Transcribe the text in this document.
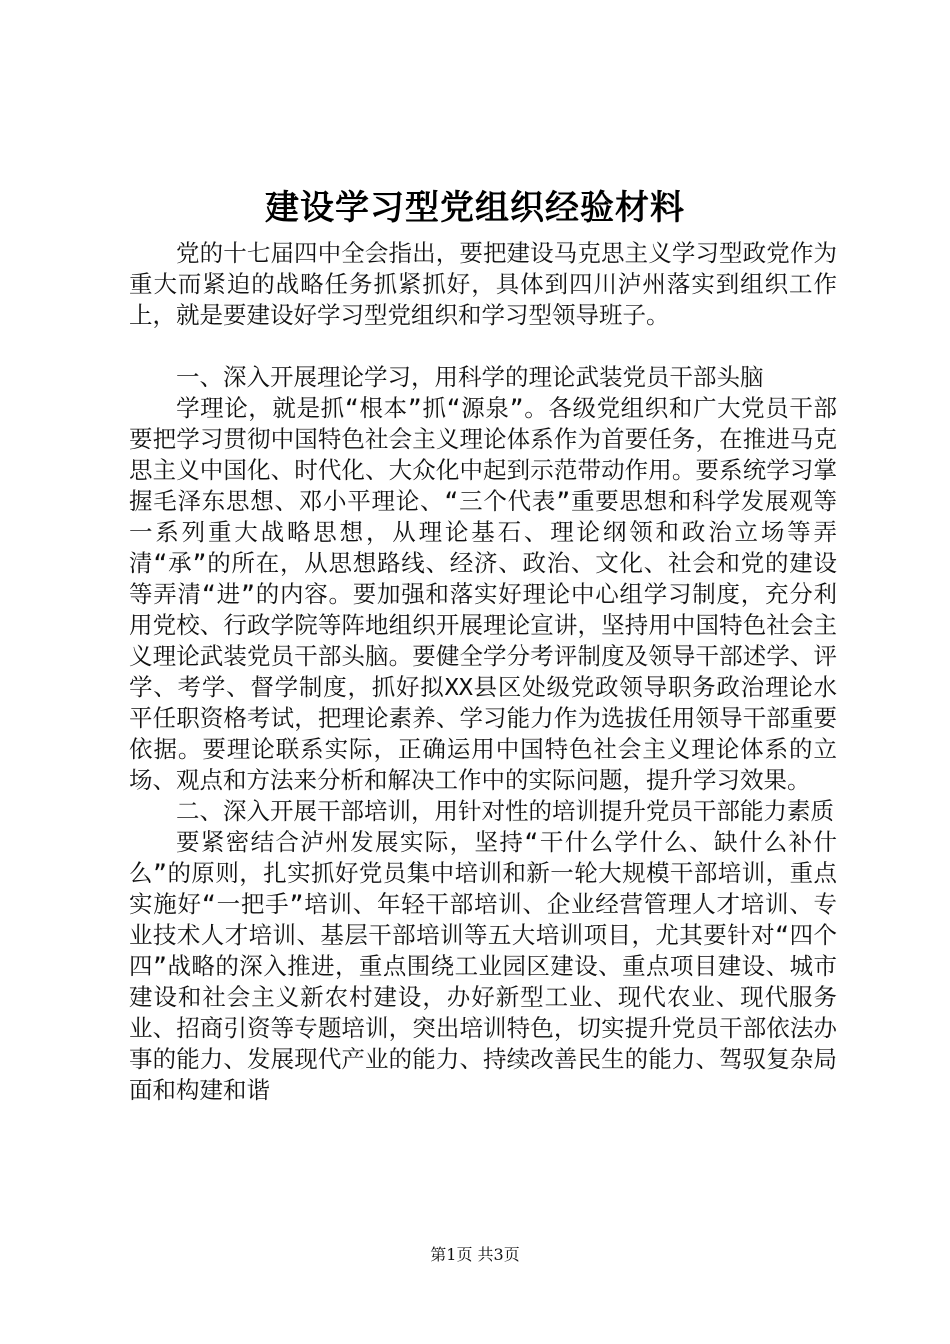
建设学习型党组织经验材料

党的十七届四中全会指出，要把建设马克思主义学习型政党作为重大而紧迫的战略任务抓紧抓好，具体到四川泸州落实到组织工作上，就是要建设好学习型党组织和学习型领导班子。

一、深入开展理论学习，用科学的理论武装党员干部头脑

学理论，就是抓“根本”抓“源泉”。各级党组织和广大党员干部要把学习贯彻中国特色社会主义理论体系作为首要任务，在推进马克思主义中国化、时代化、大众化中起到示范带动作用。要系统学习掌握毛泽东思想、邓小平理论、“三个代表”重要思想和科学发展观等一系列重大战略思想，从理论基石、理论纲领和政治立场等弄清“承”的所在，从思想路线、经济、政治、文化、社会和党的建设等弄清“进”的内容。要加强和落实好理论中心组学习制度，充分利用党校、行政学院等阵地组织开展理论宣讲，坚持用中国特色社会主义理论武装党员干部头脑。要健全学分考评制度及领导干部述学、评学、考学、督学制度，抓好拟XX县区处级党政领导职务政治理论水平任职资格考试，把理论素养、学习能力作为选拔任用领导干部重要依据。要理论联系实际，正确运用中国特色社会主义理论体系的立场、观点和方法来分析和解决工作中的实际问题，提升学习效果。

二、深入开展干部培训，用针对性的培训提升党员干部能力素质

要紧密结合泸州发展实际，坚持“干什么学什么、缺什么补什么”的原则，扎实抓好党员集中培训和新一轮大规模干部培训，重点实施好“一把手”培训、年轻干部培训、企业经营管理人才培训、专业技术人才培训、基层干部培训等五大培训项目，尤其要针对“四个四”战略的深入推进，重点围绕工业园区建设、重点项目建设、城市建设和社会主义新农村建设，办好新型工业、现代农业、现代服务业、招商引资等专题培训，突出培训特色，切实提升党员干部依法办事的能力、发展现代产业的能力、持续改善民生的能力、驾驭复杂局面和构建和谐

第1页 共3页
